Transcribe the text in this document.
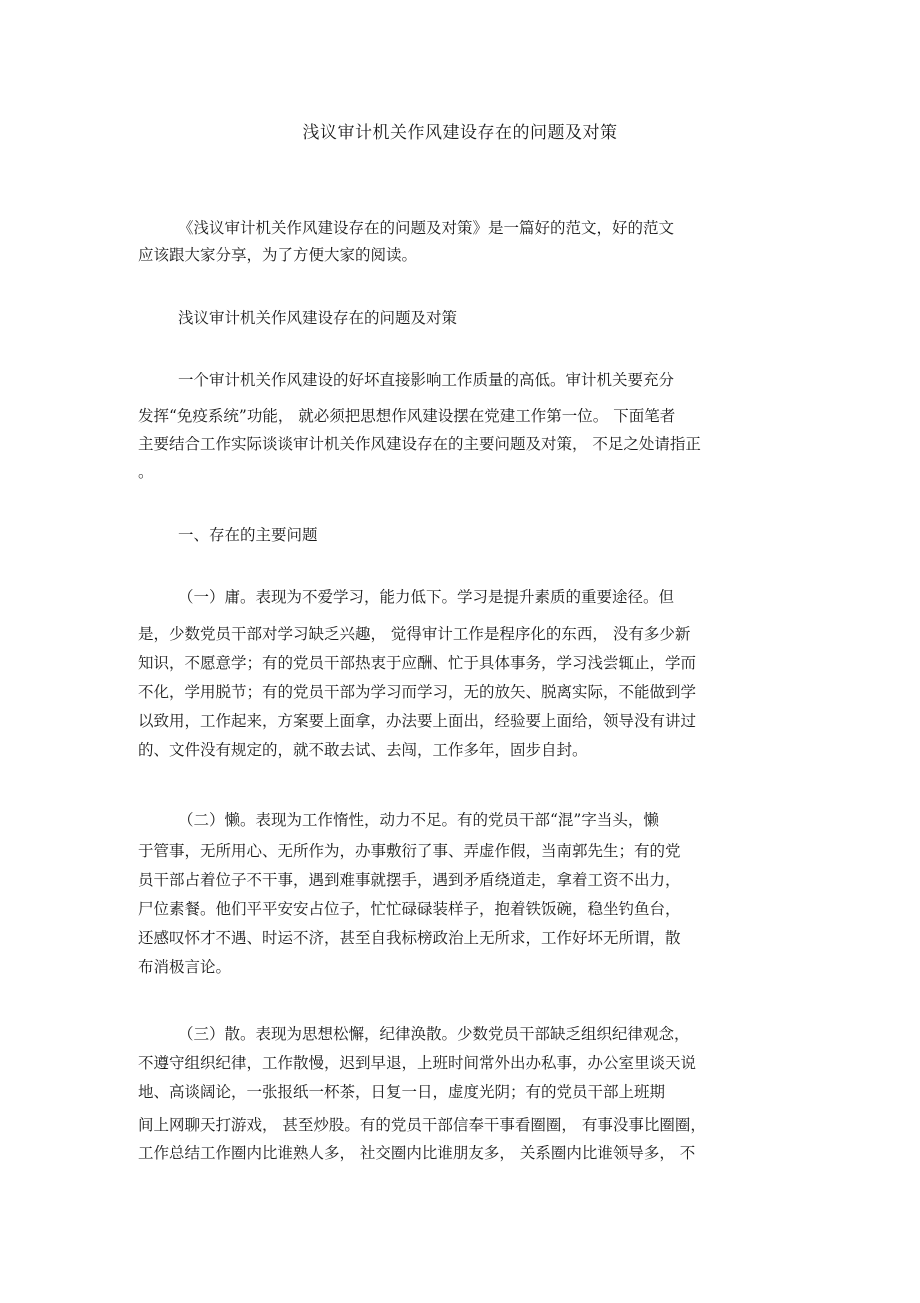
浅议审计机关作风建设存在的问题及对策
《浅议审计机关作风建设存在的问题及对策》是一篇好的范文，好的范文
应该跟大家分享，为了方便大家的阅读。
浅议审计机关作风建设存在的问题及对策
一个审计机关作风建设的好坏直接影响工作质量的高低。审计机关要充分
发挥“免疫系统”功能， 就必须把思想作风建设摆在党建工作第一位。 下面笔者
主要结合工作实际谈谈审计机关作风建设存在的主要问题及对策， 不足之处请指正
。
一、存在的主要问题
（一）庸。表现为不爱学习，能力低下。学习是提升素质的重要途径。但
是，少数党员干部对学习缺乏兴趣， 觉得审计工作是程序化的东西， 没有多少新
知识，不愿意学；有的党员干部热衷于应酬、忙于具体事务，学习浅尝辄止，学而
不化，学用脱节；有的党员干部为学习而学习，无的放矢、脱离实际，不能做到学
以致用，工作起来，方案要上面拿，办法要上面出，经验要上面给，领导没有讲过
的、文件没有规定的，就不敢去试、去闯，工作多年，固步自封。
（二）懒。表现为工作惰性，动力不足。有的党员干部“混”字当头，懒
于管事，无所用心、无所作为，办事敷衍了事、弄虚作假，当南郭先生；有的党
员干部占着位子不干事，遇到难事就摆手，遇到矛盾绕道走，拿着工资不出力，
尸位素餐。他们平平安安占位子，忙忙碌碌装样子，抱着铁饭碗，稳坐钓鱼台，
还感叹怀才不遇、时运不济，甚至自我标榜政治上无所求，工作好坏无所谓，散
布消极言论。
（三）散。表现为思想松懈，纪律涣散。少数党员干部缺乏组织纪律观念，
不遵守组织纪律，工作散慢，迟到早退，上班时间常外出办私事，办公室里谈天说
地、高谈阔论，一张报纸一杯茶，日复一日，虚度光阴；有的党员干部上班期
间上网聊天打游戏， 甚至炒股。有的党员干部信奉干事看圈圈， 有事没事比圈圈，
工作总结工作圈内比谁熟人多， 社交圈内比谁朋友多， 关系圈内比谁领导多， 不
